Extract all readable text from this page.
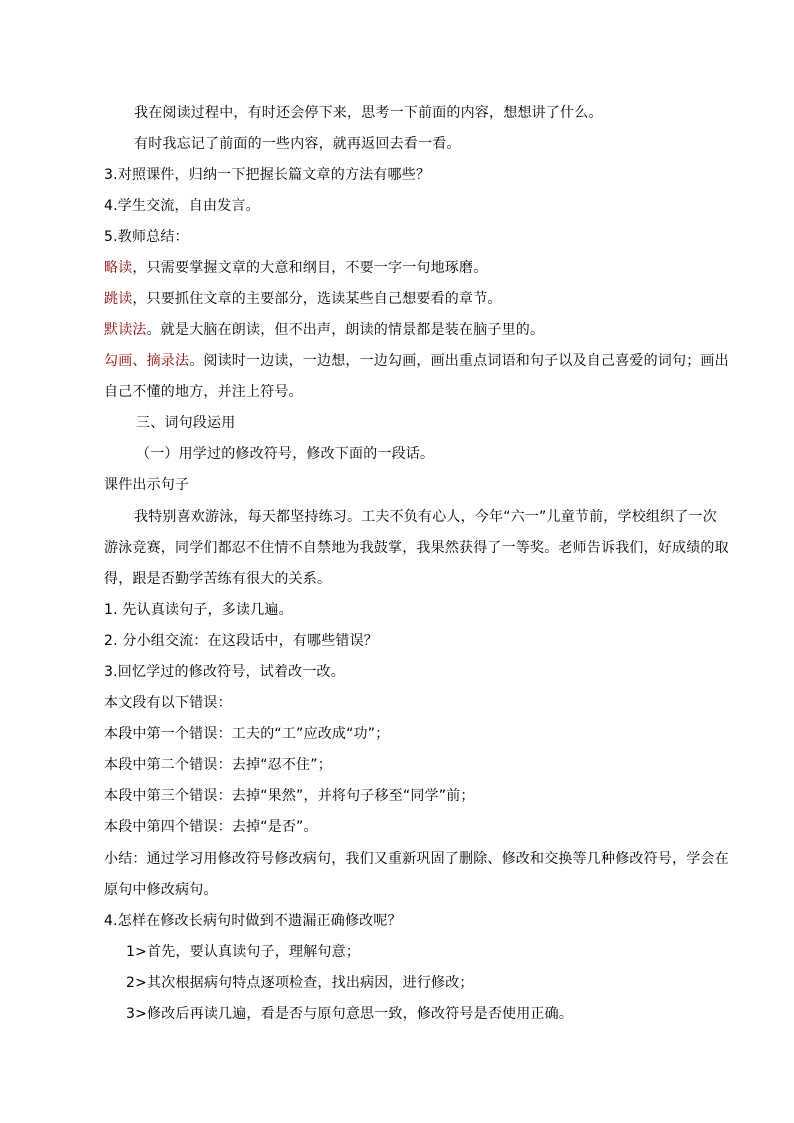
我在阅读过程中，有时还会停下来，思考一下前面的内容，想想讲了什么。
有时我忘记了前面的一些内容，就再返回去看一看。
3.对照课件，归纳一下把握长篇文章的方法有哪些？
4.学生交流，自由发言。
5.教师总结：
略读，只需要掌握文章的大意和纲目，不要一字一句地琢磨。
跳读，只要抓住文章的主要部分，选读某些自己想要看的章节。
默读法。就是大脑在朗读，但不出声，朗读的情景都是装在脑子里的。
勾画、摘录法。阅读时一边读，一边想，一边勾画，画出重点词语和句子以及自己喜爱的词句；画出
自己不懂的地方，并注上符号。
三、词句段运用
（一）用学过的修改符号，修改下面的一段话。
课件出示句子
我特别喜欢游泳，每天都坚持练习。工夫不负有心人，今年“六一”儿童节前，学校组织了一次
游泳竞赛，同学们都忍不住情不自禁地为我鼓掌，我果然获得了一等奖。老师告诉我们，好成绩的取
得，跟是否勤学苦练有很大的关系。
1. 先认真读句子，多读几遍。
2. 分小组交流：在这段话中，有哪些错误？
3.回忆学过的修改符号，试着改一改。
本文段有以下错误：
本段中第一个错误：工夫的“工”应改成“功”；
本段中第二个错误：去掉“忍不住”；
本段中第三个错误：去掉“果然”，并将句子移至“同学”前；
本段中第四个错误：去掉“是否”。
小结：通过学习用修改符号修改病句，我们又重新巩固了删除、修改和交换等几种修改符号，学会在
原句中修改病句。
4.怎样在修改长病句时做到不遗漏正确修改呢？
1>首先，要认真读句子，理解句意；
2>其次根据病句特点逐项检查，找出病因，进行修改；
3>修改后再读几遍，看是否与原句意思一致，修改符号是否使用正确。
